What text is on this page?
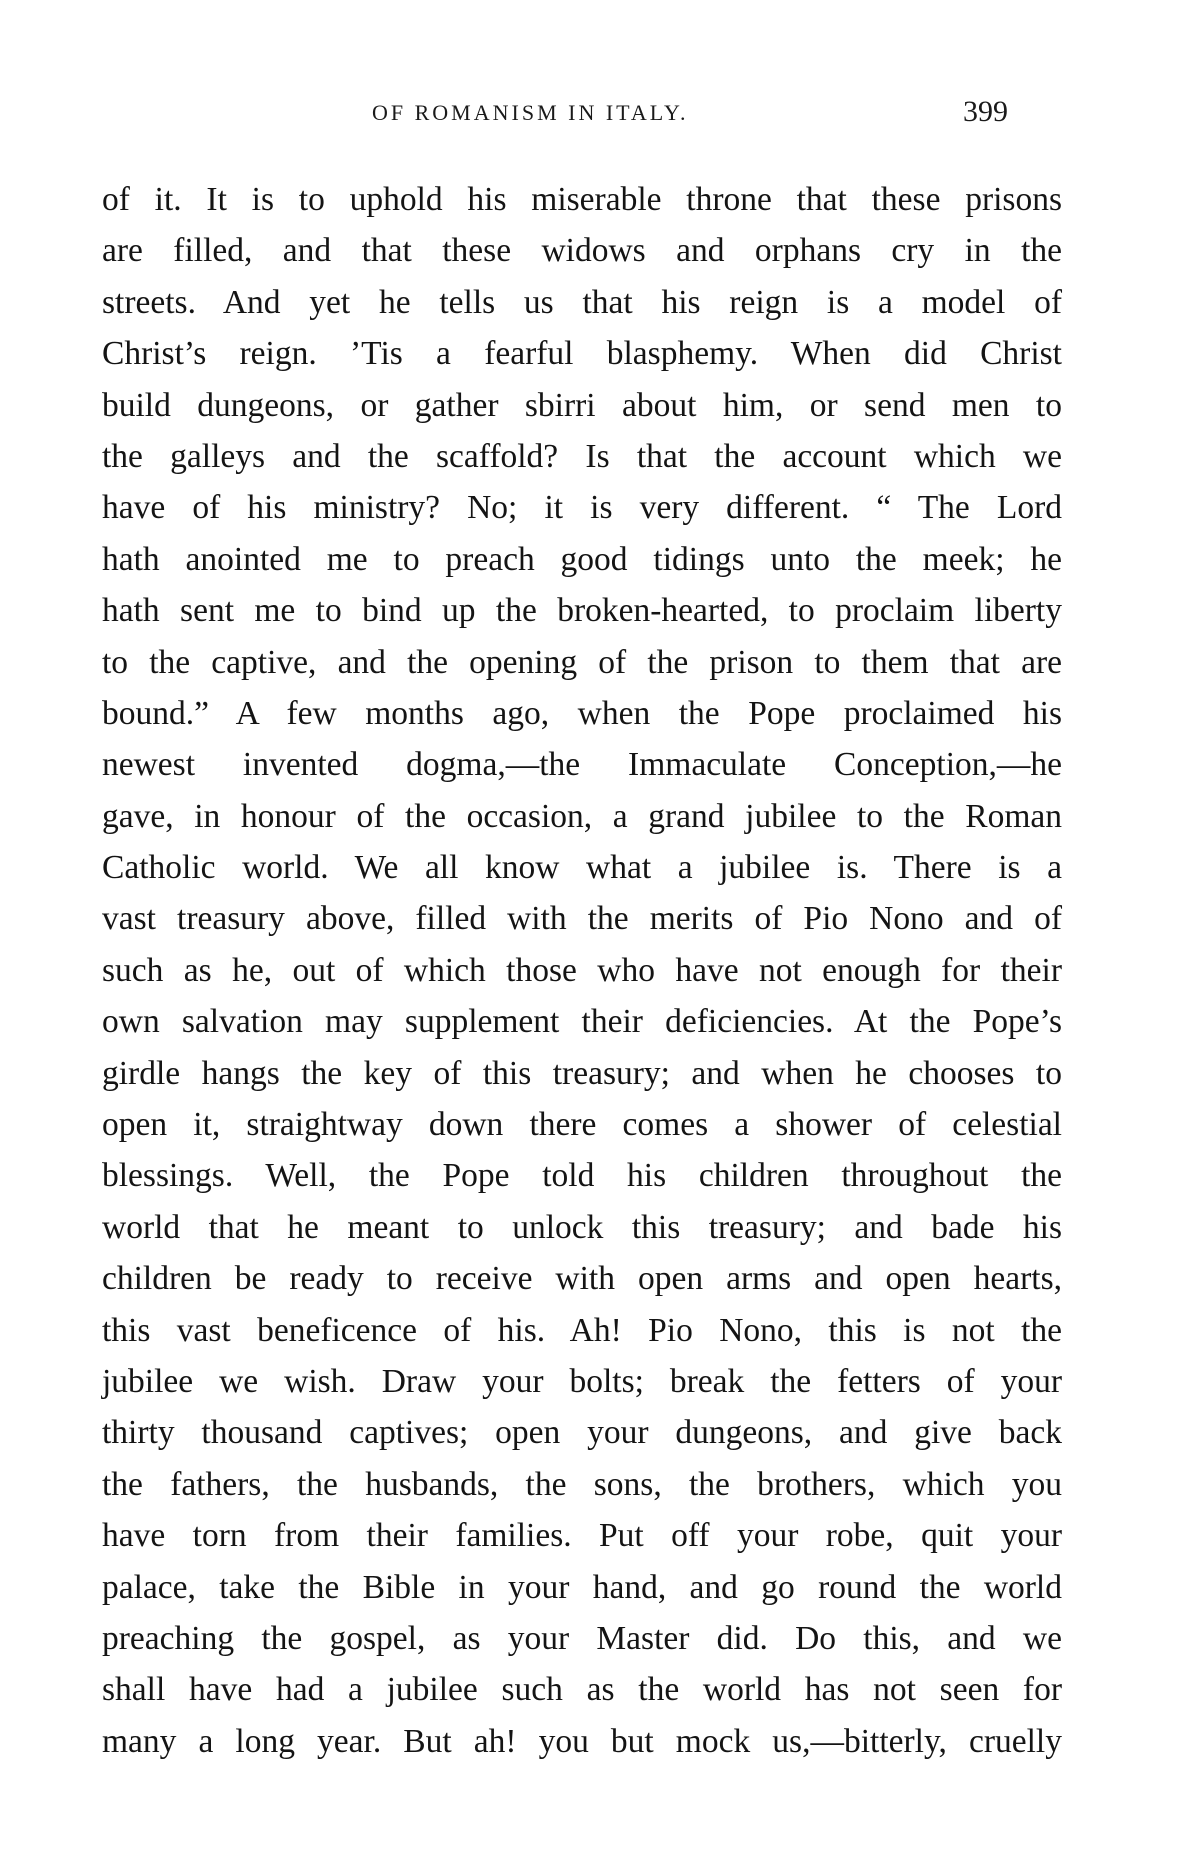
OF ROMANISM IN ITALY.	399
of it. It is to uphold his miserable throne that these prisons
are filled, and that these widows and orphans cry in the
streets. And yet he tells us that his reign is a model of
Christ’s reign. ’Tis a fearful blasphemy. When did Christ
build dungeons, or gather sbirri about him, or send men to
the galleys and the scaffold? Is that the account which we
have of his ministry? No; it is very different. “ The Lord
hath anointed me to preach good tidings unto the meek; he
hath sent me to bind up the broken-hearted, to proclaim liberty
to the captive, and the opening of the prison to them that are
bound.” A few months ago, when the Pope proclaimed his
newest invented dogma,—the Immaculate Conception,—he
gave, in honour of the occasion, a grand jubilee to the Roman
Catholic world. We all know what a jubilee is. There is a
vast treasury above, filled with the merits of Pio Nono and of
such as he, out of which those who have not enough for their
own salvation may supplement their deficiencies. At the Pope’s
girdle hangs the key of this treasury; and when he chooses to
open it, straightway down there comes a shower of celestial
blessings. Well, the Pope told his children throughout the
world that he meant to unlock this treasury; and bade his
children be ready to receive with open arms and open hearts,
this vast beneficence of his. Ah! Pio Nono, this is not the
jubilee we wish. Draw your bolts; break the fetters of your
thirty thousand captives; open your dungeons, and give back
the fathers, the husbands, the sons, the brothers, which you
have torn from their families. Put off your robe, quit your
palace, take the Bible in your hand, and go round the world
preaching the gospel, as your Master did. Do this, and we
shall have had a jubilee such as the world has not seen for
many a long year. But ah! you but mock us,—bitterly, cruelly
